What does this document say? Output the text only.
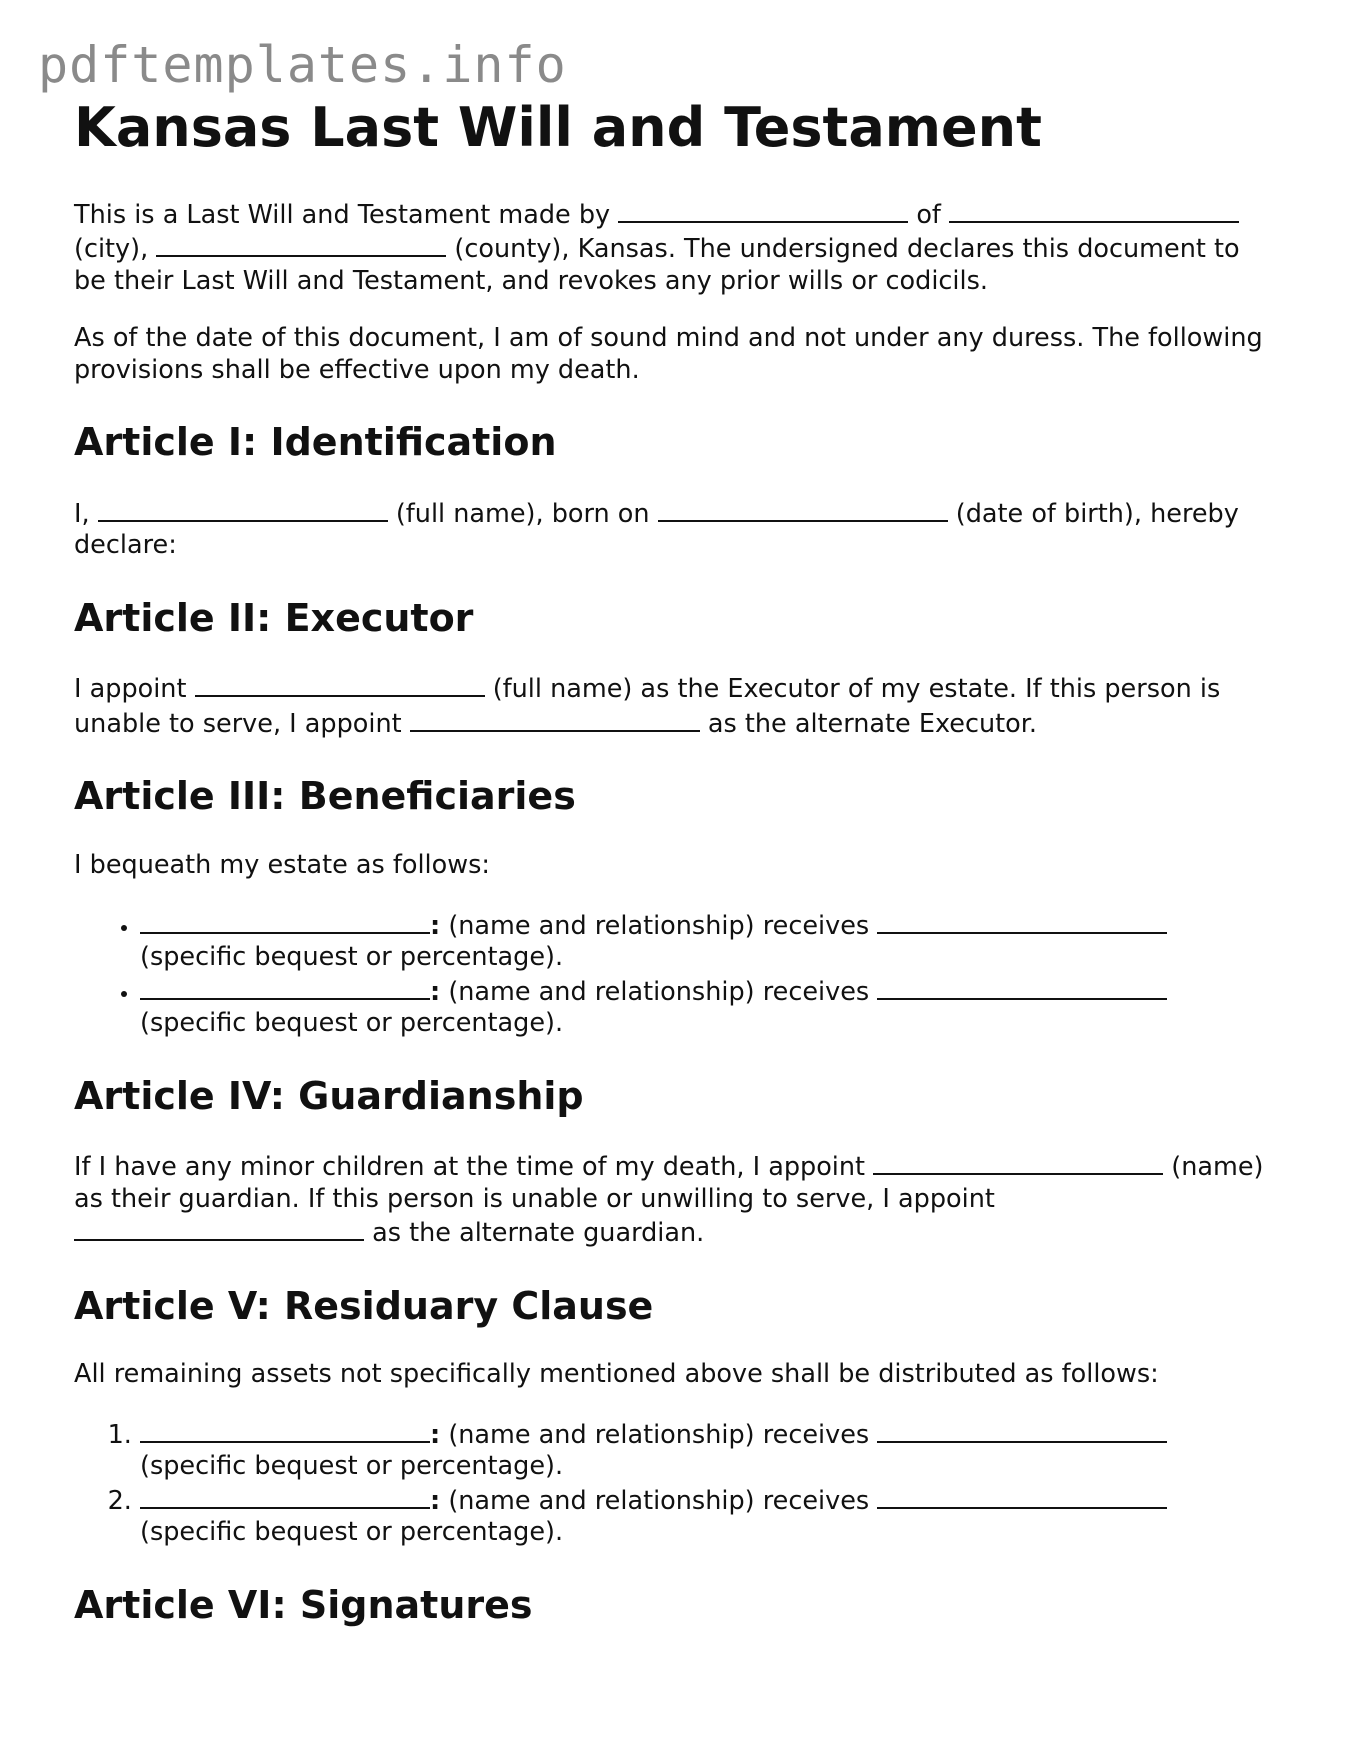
pdftemplates.info
Kansas Last Will and Testament

This is a Last Will and Testament made by	of  (city),	(county), Kansas. The undersigned declares this document to be their Last Will and Testament, and revokes any prior wills or codicils.

As of the date of this document, I am of sound mind and not under any duress. The following provisions shall be effective upon my death.

Article I: Identification

I,	(full name), born on	(date of birth), hereby declare:

Article II: Executor

I appoint	(full name) as the Executor of my estate. If this person is unable to serve, I appoint	as the alternate Executor.

Article III: Beneficiaries

I bequeath my estate as follows:

• : (name and relationship) receives  (specific bequest or percentage).
• : (name and relationship) receives  (specific bequest or percentage).
Article IV: Guardianship

If I have any minor children at the time of my death, I appoint	(name) as their guardian. If this person is unable or unwilling to serve, I appoint  as the alternate guardian.

Article V: Residuary Clause

All remaining assets not specifically mentioned above shall be distributed as follows:

1. : (name and relationship) receives  (specific bequest or percentage).
2. : (name and relationship) receives  (specific bequest or percentage).
Article VI: Signatures
